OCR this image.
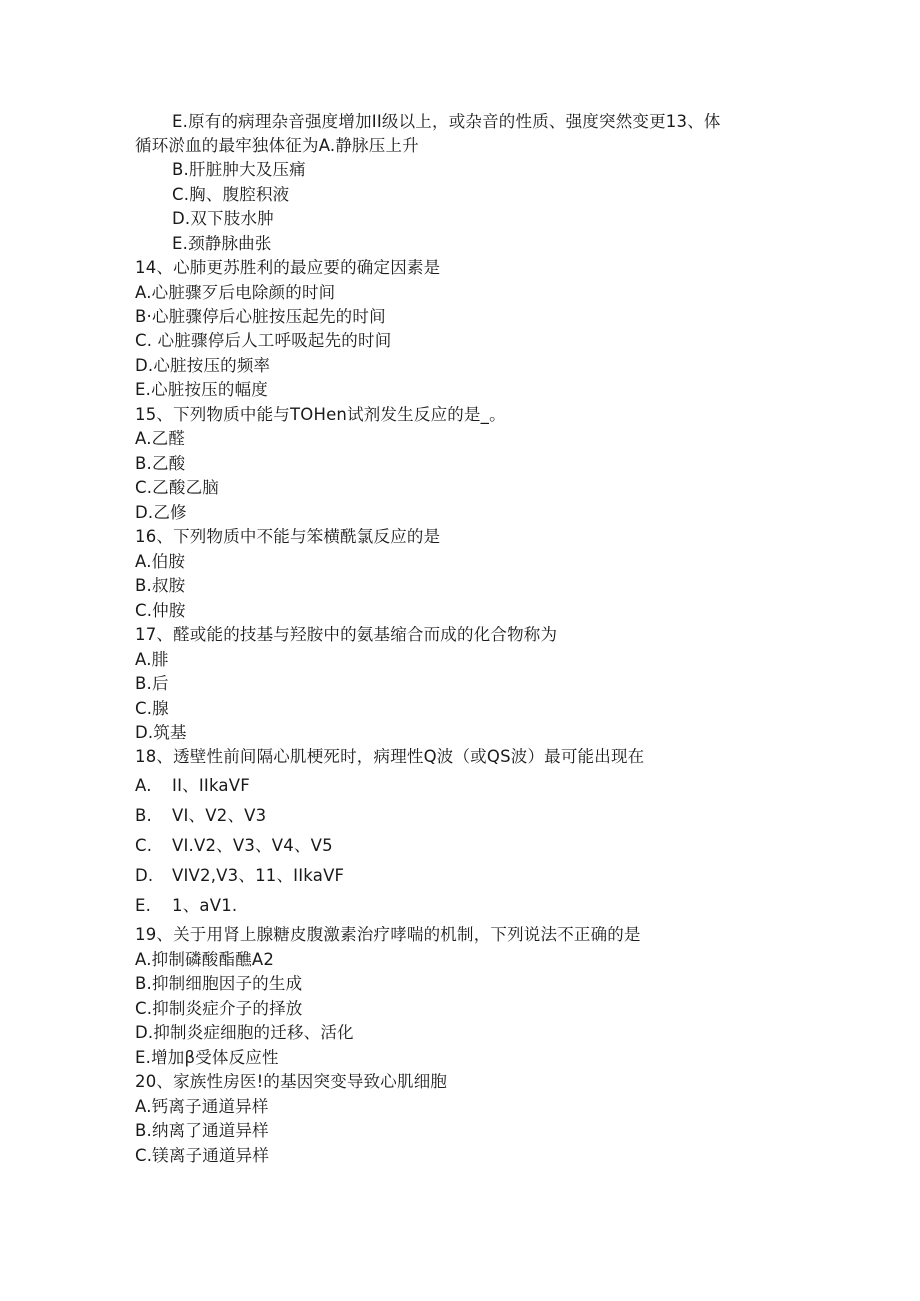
E.原有的病理杂音强度增加II级以上，或杂音的性质、强度突然变更13、体
循环淤血的最牢独体征为A.静脉压上升
B.肝脏肿大及压痛
C.胸、腹腔积液
D.双下肢水肿
E.颈静脉曲张
14、心肺更苏胜利的最应要的确定因素是
A.心脏骤歹后电除颜的时间
B·心脏骤停后心脏按压起先的时间
C. 心脏骤停后人工呼吸起先的时间
D.心脏按压的频率
E.心脏按压的幅度
15、下列物质中能与TOHen试剂发生反应的是_。
A.乙醛
B.乙酸
C.乙酸乙脑
D.乙修
16、下列物质中不能与笨横酰氯反应的是
A.伯胺
B.叔胺
C.仲胺
17、醛或能的技基与羟胺中的氨基缩合而成的化合物称为
A.腓
B.后
C.腺
D.筑基
18、透壁性前间隔心肌梗死时，病理性Q波（或QS波）最可能出现在
A. II、IIkaVF
B. VI、V2、V3
C. VI.V2、V3、V4、V5
D. VIV2,V3、11、IIkaVF
E. 1、aV1.
19、关于用肾上腺糖皮腹激素治疗哮喘的机制，下列说法不正确的是
A.抑制磷酸酯醮A2
B.抑制细胞因子的生成
C.抑制炎症介子的择放
D.抑制炎症细胞的迁移、活化
E.增加β受体反应性
20、家族性房医!的基因突变导致心肌细胞
A.钙离子通道异样
B.纳离了通道异样
C.镁离子通道异样
